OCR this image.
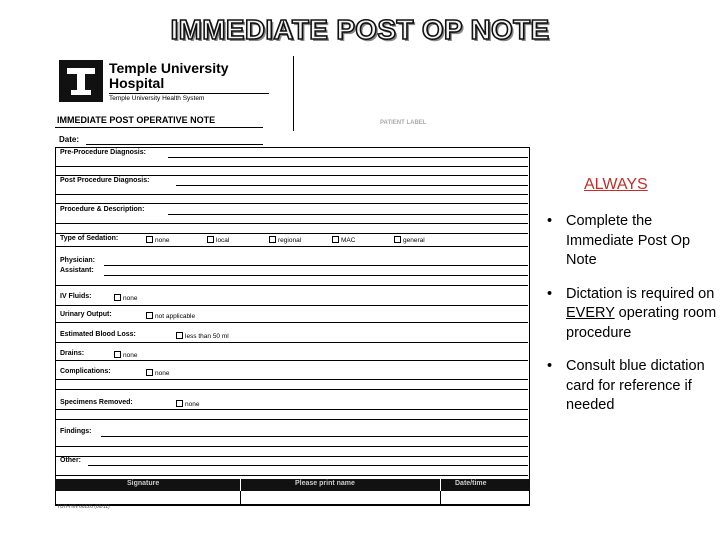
IMMEDIATE POST OP NOTE
Temple University
Hospital
Temple University Health System
PATIENT LABEL
IMMEDIATE POST OPERATIVE NOTE
Date:
Pre-Procedure Diagnosis:
Post Procedure Diagnosis:
Procedure & Description:
Type of Sedation:	none	local	regional	MAC	general
Physician:
Assistant:
IV Fluids:	none
Urinary Output:	not applicable
Estimated Blood Loss:	less than 50 ml
Drains:	none
Complications:	none
Specimens Removed:	none
Findings:
Other:
Signature	Please print name	Date/time
TUH-HIN 60226 (06/11)
ALWAYS
• Complete the Immediate Post Op Note
• Dictation is required on EVERY operating room procedure
• Consult blue dictation card for reference if needed
